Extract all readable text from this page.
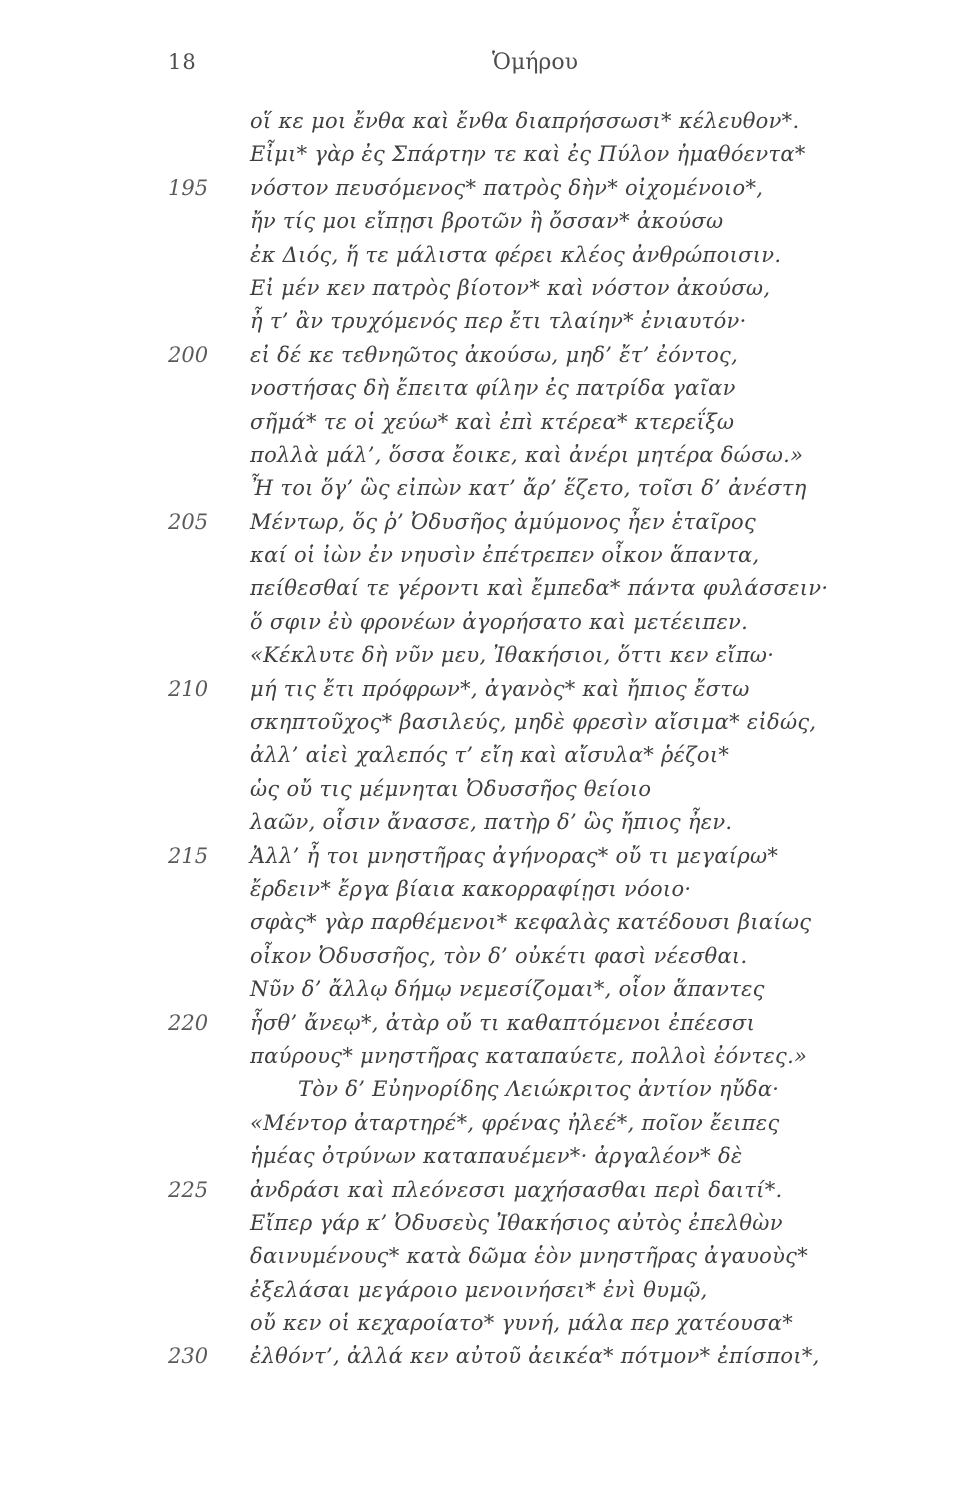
18	Ὁμήρου
οἵ κε μοι ἔνθα καὶ ἔνθα διαπρήσσωσι* κέλευθον*.
Εἶμι* γὰρ ἐς Σπάρτην τε καὶ ἐς Πύλον ἠμαθόεντα*
195	νόστον πευσόμενος* πατρὸς δὴν* οἰχομένοιο*,
ἤν τίς μοι εἴπῃσι βροτῶν ἢ ὄσσαν* ἀκούσω
ἐκ Διός, ἥ τε μάλιστα φέρει κλέος ἀνθρώποισιν.
Εἰ μέν κεν πατρὸς βίοτον* καὶ νόστον ἀκούσω,
ἦ τ’ ἂν τρυχόμενός περ ἔτι τλαίην* ἐνιαυτόν·
200	εἰ δέ κε τεθνηῶτος ἀκούσω, μηδ’ ἔτ’ ἐόντος,
νοστήσας δὴ ἔπειτα φίλην ἐς πατρίδα γαῖαν
σῆμά* τε οἱ χεύω* καὶ ἐπὶ κτέρεα* κτερεΐξω
πολλὰ μάλ’, ὅσσα ἔοικε, καὶ ἀνέρι μητέρα δώσω.»
Ἦ τοι ὅγ’ ὣς εἰπὼν κατ’ ἄρ’ ἕζετο, τοῖσι δ’ ἀνέστη
205	Μέντωρ, ὅς ῥ’ Ὀδυσῆος ἀμύμονος ἦεν ἑταῖρος
καί οἱ ἰὼν ἐν νηυσὶν ἐπέτρεπεν οἶκον ἅπαντα,
πείθεσθαί τε γέροντι καὶ ἔμπεδα* πάντα φυλάσσειν·
ὅ σφιν ἐὺ φρονέων ἀγορήσατο καὶ μετέειπεν.
«Κέκλυτε δὴ νῦν μευ, Ἰθακήσιοι, ὅττι κεν εἴπω·
210	μή τις ἔτι πρόφρων*, ἀγανὸς* καὶ ἤπιος ἔστω
σκηπτοῦχος* βασιλεύς, μηδὲ φρεσὶν αἴσιμα* εἰδώς,
ἀλλ’ αἰεὶ χαλεπός τ’ εἴη καὶ αἴσυλα* ῥέζοι*
ὡς οὔ τις μέμνηται Ὀδυσσῆος θείοιο
λαῶν, οἷσιν ἄνασσε, πατὴρ δ’ ὣς ἤπιος ἦεν.
215	Ἀλλ’ ἦ τοι μνηστῆρας ἀγήνορας* οὔ τι μεγαίρω*
ἔρδειν* ἔργα βίαια κακορραφίῃσι νόοιο·
σφὰς* γὰρ παρθέμενοι* κεφαλὰς κατέδουσι βιαίως
οἶκον Ὀδυσσῆος, τὸν δ’ οὐκέτι φασὶ νέεσθαι.
Νῦν δ’ ἄλλῳ δήμῳ νεμεσίζομαι*, οἷον ἅπαντες
220	ἧσθ’ ἄνεῳ*, ἀτὰρ οὔ τι καθαπτόμενοι ἐπέεσσι
παύρους* μνηστῆρας καταπαύετε, πολλοὶ ἐόντες.»
Τὸν δ’ Εὐηνορίδης Λειώκριτος ἀντίον ηὔδα·
«Μέντορ ἀταρτηρέ*, φρένας ἠλεέ*, ποῖον ἔειπες
ἡμέας ὀτρύνων καταπαυέμεν*· ἀργαλέον* δὲ
225	ἀνδράσι καὶ πλεόνεσσι μαχήσασθαι περὶ δαιτί*.
Εἴπερ γάρ κ’ Ὀδυσεὺς Ἰθακήσιος αὐτὸς ἐπελθὼν
δαινυμένους* κατὰ δῶμα ἑὸν μνηστῆρας ἀγαυοὺς*
ἐξελάσαι μεγάροιο μενοινήσει* ἐνὶ θυμῷ,
οὔ κεν οἱ κεχαροίατο* γυνή, μάλα περ χατέουσα*
230	ἐλθόντ’, ἀλλά κεν αὐτοῦ ἀεικέα* πότμον* ἐπίσποι*,
